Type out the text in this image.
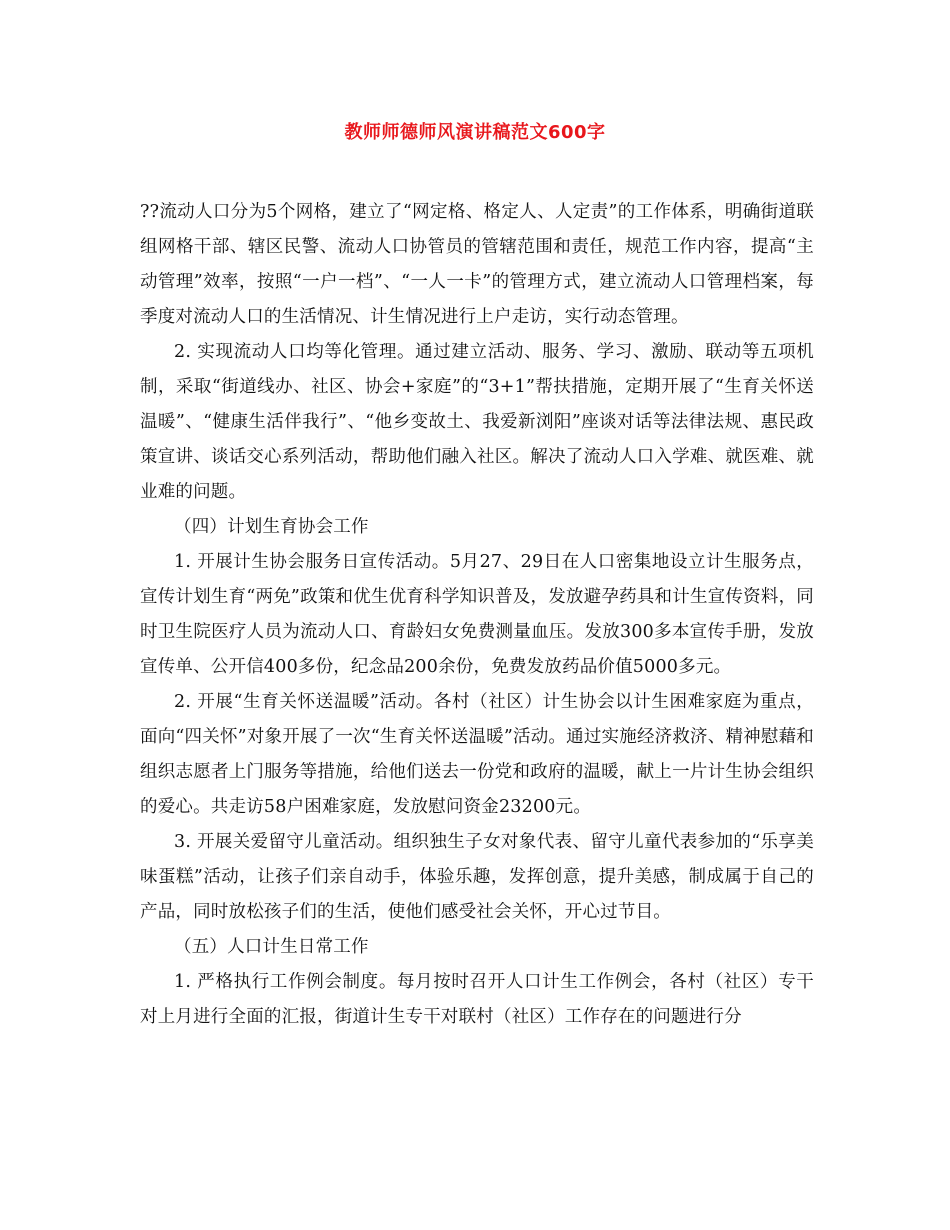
教师师德师风演讲稿范文600字

??流动人口分为5个网格，建立了“网定格、格定人、人定责”的工作体系，明确街道联组网格干部、辖区民警、流动人口协管员的管辖范围和责任，规范工作内容，提高“主动管理”效率，按照“一户一档”、“一人一卡”的管理方式，建立流动人口管理档案，每季度对流动人口的生活情况、计生情况进行上户走访，实行动态管理。

2. 实现流动人口均等化管理。通过建立活动、服务、学习、激励、联动等五项机制，采取“街道线办、社区、协会+家庭”的“3+1”帮扶措施，定期开展了“生育关怀送温暖”、“健康生活伴我行”、“他乡变故土、我爱新浏阳”座谈对话等法律法规、惠民政策宣讲、谈话交心系列活动，帮助他们融入社区。解决了流动人口入学难、就医难、就业难的问题。

（四）计划生育协会工作

1. 开展计生协会服务日宣传活动。5月27、29日在人口密集地设立计生服务点，宣传计划生育“两免”政策和优生优育科学知识普及，发放避孕药具和计生宣传资料，同时卫生院医疗人员为流动人口、育龄妇女免费测量血压。发放300多本宣传手册，发放宣传单、公开信400多份，纪念品200余份，免费发放药品价值5000多元。

2. 开展“生育关怀送温暖”活动。各村（社区）计生协会以计生困难家庭为重点，面向“四关怀”对象开展了一次“生育关怀送温暖”活动。通过实施经济救济、精神慰藉和组织志愿者上门服务等措施，给他们送去一份党和政府的温暖，献上一片计生协会组织的爱心。共走访58户困难家庭，发放慰问资金23200元。

3. 开展关爱留守儿童活动。组织独生子女对象代表、留守儿童代表参加的“乐享美味蛋糕”活动，让孩子们亲自动手，体验乐趣，发挥创意，提升美感，制成属于自己的产品，同时放松孩子们的生活，使他们感受社会关怀，开心过节目。

（五）人口计生日常工作

1. 严格执行工作例会制度。每月按时召开人口计生工作例会，各村（社区）专干对上月进行全面的汇报，街道计生专干对联村（社区）工作存在的问题进行分
